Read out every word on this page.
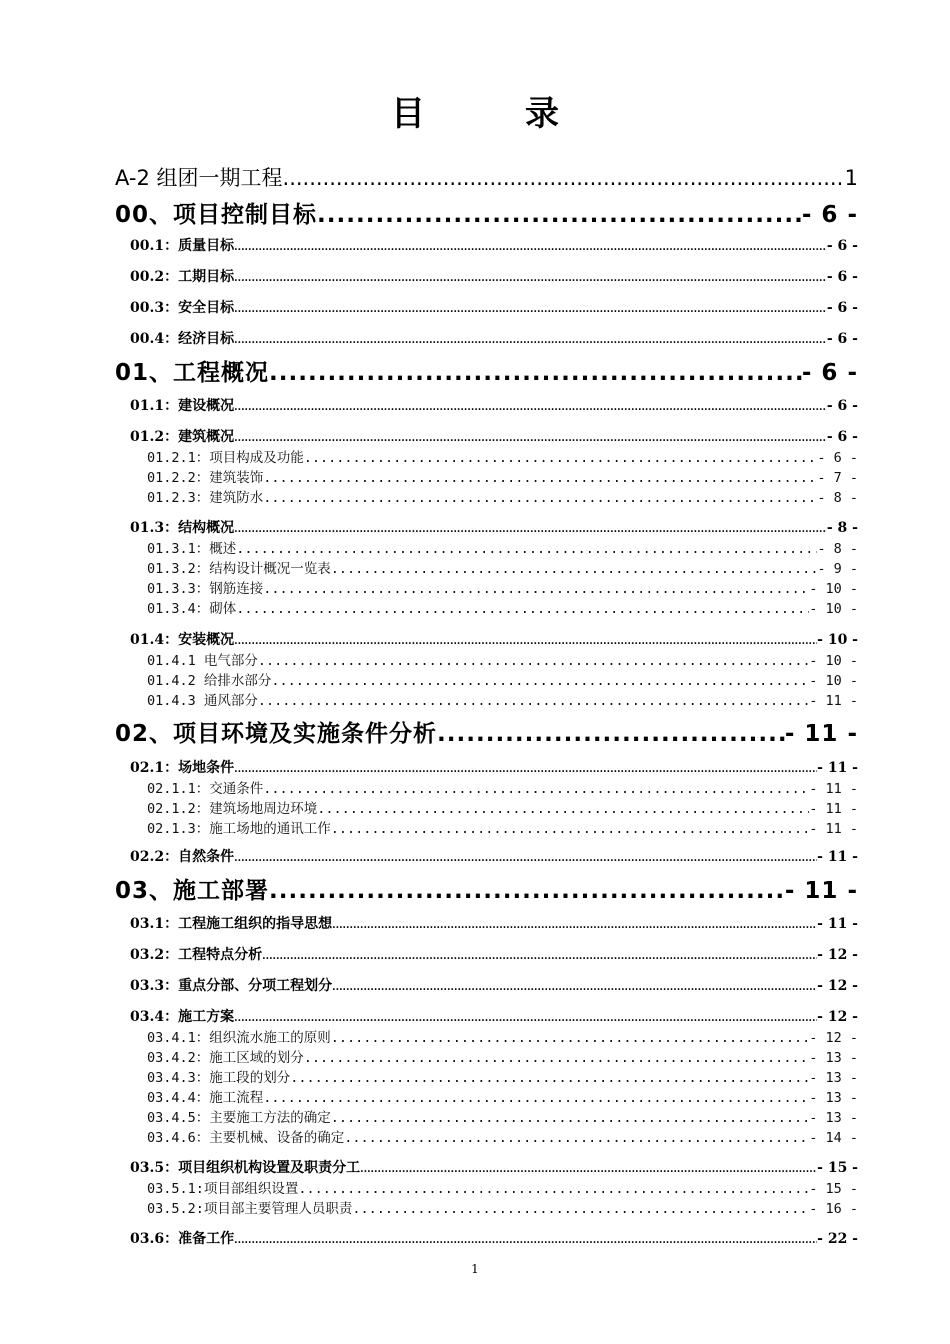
目	录
A-2 组团一期工程 .....	1
00、项目控制目标 .....	- 6 -
00.1：质量目标 .....	- 6 -
00.2：工期目标 .....	- 6 -
00.3：安全目标 .....	- 6 -
00.4：经济目标 .....	- 6 -
01、工程概况 .....	- 6 -
01.1：建设概况 .....	- 6 -
01.2：建筑概况 .....	- 6 -
01.2.1：项目构成及功能 .....	- 6 -
01.2.2：建筑装饰 .....	- 7 -
01.2.3：建筑防水 .....	- 8 -
01.3：结构概况 .....	- 8 -
01.3.1：概述 .....	- 8 -
01.3.2：结构设计概况一览表 .....	- 9 -
01.3.3：钢筋连接 .....	- 10 -
01.3.4：砌体 .....	- 10 -
01.4：安装概况 .....	- 10 -
01.4.1 电气部分 .....	- 10 -
01.4.2 给排水部分 .....	- 10 -
01.4.3 通风部分 .....	- 11 -
02、项目环境及实施条件分析 .....	- 11 -
02.1：场地条件 .....	- 11 -
02.1.1：交通条件 .....	- 11 -
02.1.2：建筑场地周边环境 .....	- 11 -
02.1.3：施工场地的通讯工作 .....	- 11 -
02.2：自然条件 .....	- 11 -
03、施工部署 .....	- 11 -
03.1：工程施工组织的指导思想 .....	- 11 -
03.2：工程特点分析 .....	- 12 -
03.3：重点分部、分项工程划分 .....	- 12 -
03.4：施工方案 .....	- 12 -
03.4.1：组织流水施工的原则 .....	- 12 -
03.4.2：施工区域的划分 .....	- 13 -
03.4.3：施工段的划分 .....	- 13 -
03.4.4：施工流程 .....	- 13 -
03.4.5：主要施工方法的确定 .....	- 13 -
03.4.6：主要机械、设备的确定 .....	- 14 -
03.5：项目组织机构设置及职责分工 .....	- 15 -
03.5.1:项目部组织设置 .....	- 15 -
03.5.2:项目部主要管理人员职责 .....	- 16 -
03.6：准备工作 .....	- 22 -
1
